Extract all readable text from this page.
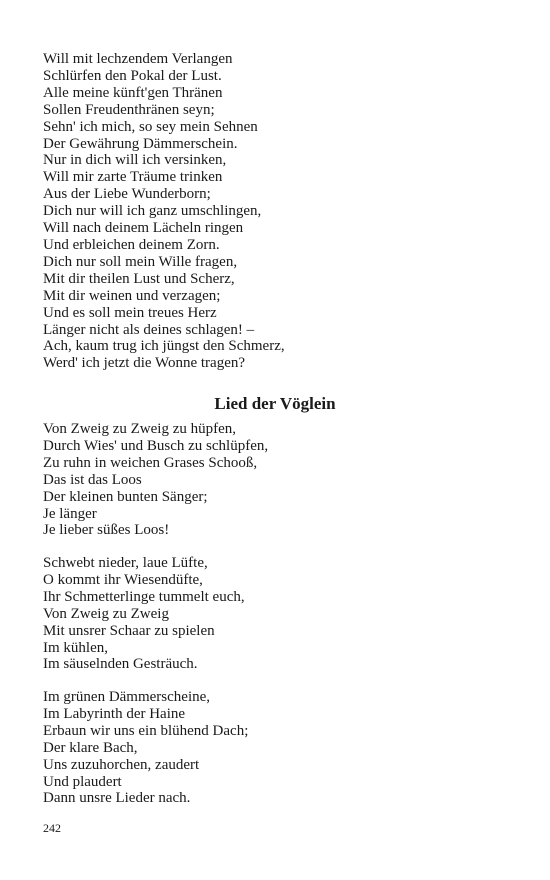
Will mit lechzendem Verlangen
Schlürfen den Pokal der Lust.
Alle meine künft'gen Thränen
Sollen Freudenthränen seyn;
Sehn' ich mich, so sey mein Sehnen
Der Gewährung Dämmerschein.
Nur in dich will ich versinken,
Will mir zarte Träume trinken
Aus der Liebe Wunderborn;
Dich nur will ich ganz umschlingen,
Will nach deinem Lächeln ringen
Und erbleichen deinem Zorn.
Dich nur soll mein Wille fragen,
Mit dir theilen Lust und Scherz,
Mit dir weinen und verzagen;
Und es soll mein treues Herz
Länger nicht als deines schlagen! –
Ach, kaum trug ich jüngst den Schmerz,
Werd' ich jetzt die Wonne tragen?
Lied der Vöglein
Von Zweig zu Zweig zu hüpfen,
Durch Wies' und Busch zu schlüpfen,
Zu ruhn in weichen Grases Schooß,
Das ist das Loos
Der kleinen bunten Sänger;
Je länger
Je lieber süßes Loos!
Schwebt nieder, laue Lüfte,
O kommt ihr Wiesendüfte,
Ihr Schmetterlinge tummelt euch,
Von Zweig zu Zweig
Mit unsrer Schaar zu spielen
Im kühlen,
Im säuselnden Gesträuch.
Im grünen Dämmerscheine,
Im Labyrinth der Haine
Erbaun wir uns ein blühend Dach;
Der klare Bach,
Uns zuzuhorchen, zaudert
Und plaudert
Dann unsre Lieder nach.
242
